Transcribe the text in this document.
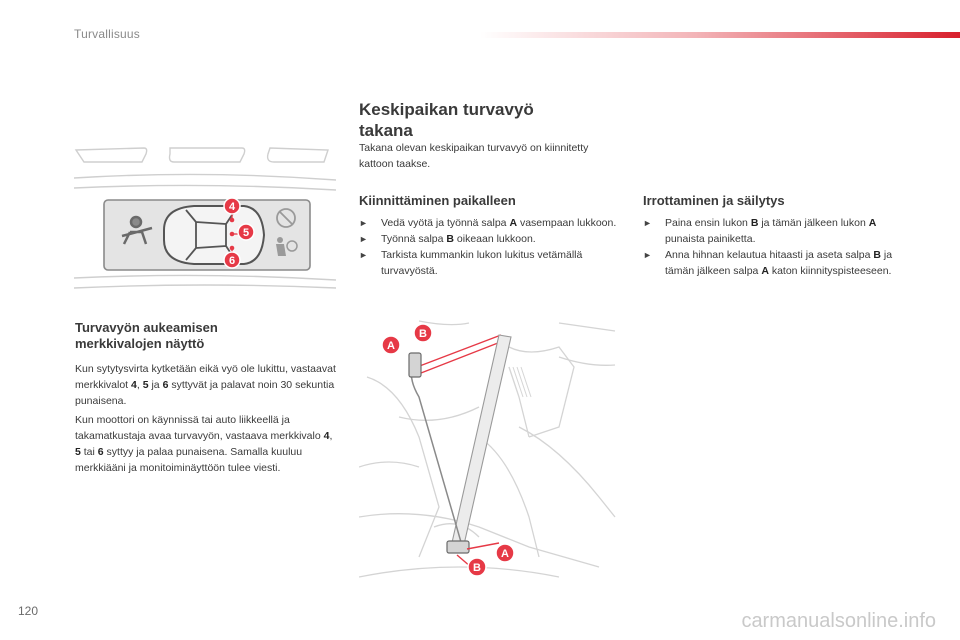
Turvallisuus
4
5
6
Keskipaikan turvavyö
takana

Takana olevan keskipaikan turvavyö on kiinnitetty kattoon taakse.

Kiinnittäminen paikalleen
► Vedä vyötä ja työnnä salpa A vasempaan lukkoon.
► Työnnä salpa B oikeaan lukkoon.
► Tarkista kummankin lukon lukitus vetämällä turvavyöstä.
Irrottaminen ja säilytys
► Paina ensin lukon B ja tämän jälkeen lukon A punaista painiketta.
► Anna hihnan kelautua hitaasti ja aseta salpa B ja tämän jälkeen salpa A katon kiinnityspisteeseen.
Turvavyön aukeamisen
merkkivalojen näyttö

Kun sytytysvirta kytketään eikä vyö ole lukittu, vastaavat merkkivalot 4, 5 ja 6 syttyvät ja palavat noin 30 sekuntia punaisena.

Kun moottori on käynnissä tai auto liikkeellä ja takamatkustaja avaa turvavyön, vastaava merkkivalo 4, 5 tai 6 syttyy ja palaa punaisena. Samalla kuuluu merkkiääni ja monitoiminäyttöön tulee viesti.

A
B
A
B
120	carmanualsonline.info
